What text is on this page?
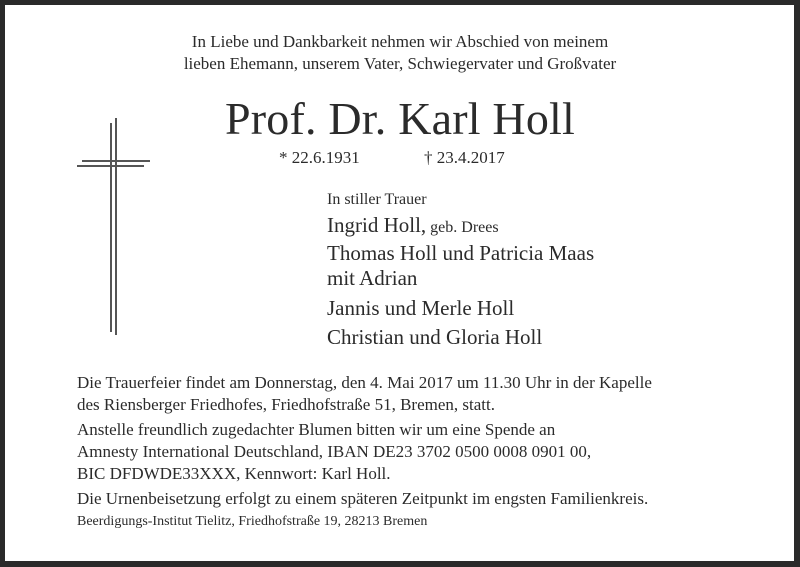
In Liebe und Dankbarkeit nehmen wir Abschied von meinem
lieben Ehemann, unserem Vater, Schwiegervater und Großvater
Prof. Dr. Karl Holl
* 22.6.1931	† 23.4.2017
In stiller Trauer
Ingrid Holl, geb. Drees
Thomas Holl und Patricia Maas
mit Adrian
Jannis und Merle Holl
Christian und Gloria Holl
Die Trauerfeier findet am Donnerstag, den 4. Mai 2017 um 11.30 Uhr in der Kapelle
des Riensberger Friedhofes, Friedhofstraße 51, Bremen, statt.
Anstelle freundlich zugedachter Blumen bitten wir um eine Spende an
Amnesty International Deutschland, IBAN DE23 3702 0500 0008 0901 00,
BIC DFDWDE33XXX, Kennwort: Karl Holl.
Die Urnenbeisetzung erfolgt zu einem späteren Zeitpunkt im engsten Familienkreis.
Beerdigungs-Institut Tielitz, Friedhofstraße 19, 28213 Bremen
